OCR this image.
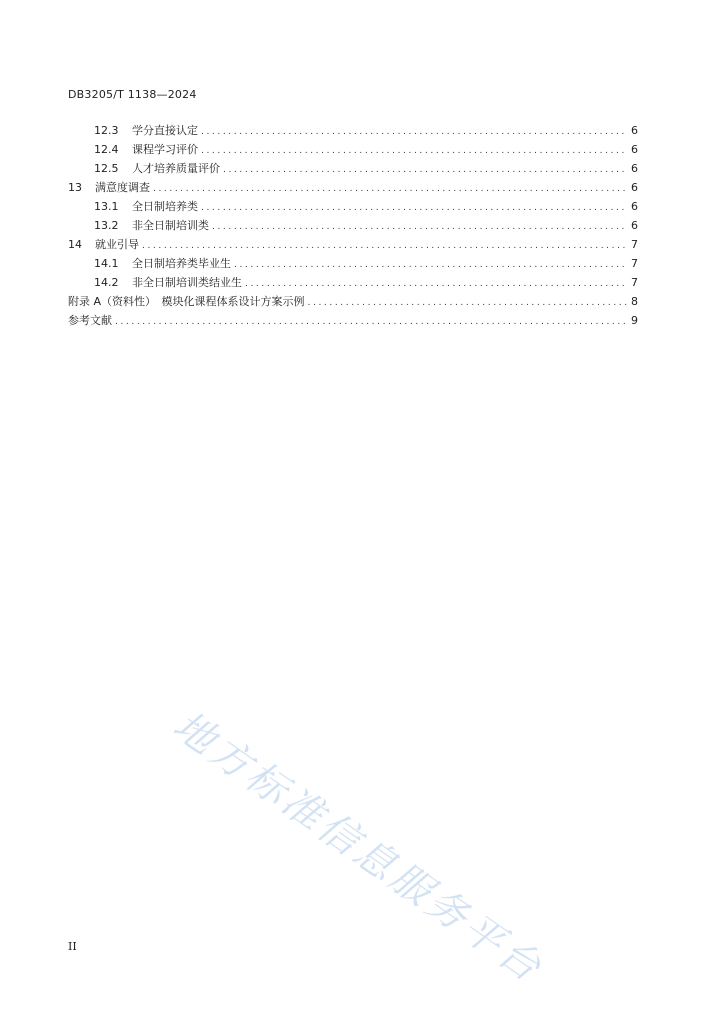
DB3205/T 1138—2024
12.3	学分直接认定 .....	6
12.4	课程学习评价 .....	6
12.5	人才培养质量评价 .....	6
13	满意度调查 .....	6
13.1	全日制培养类 .....	6
13.2	非全日制培训类 .....	6
14	就业引导 .....	7
14.1	全日制培养类毕业生 .....	7
14.2	非全日制培训类结业生 .....	7
附录 A（资料性）　模块化课程体系设计方案示例 .....	8
参考文献 .....	9
地方标准信息服务平台
II
